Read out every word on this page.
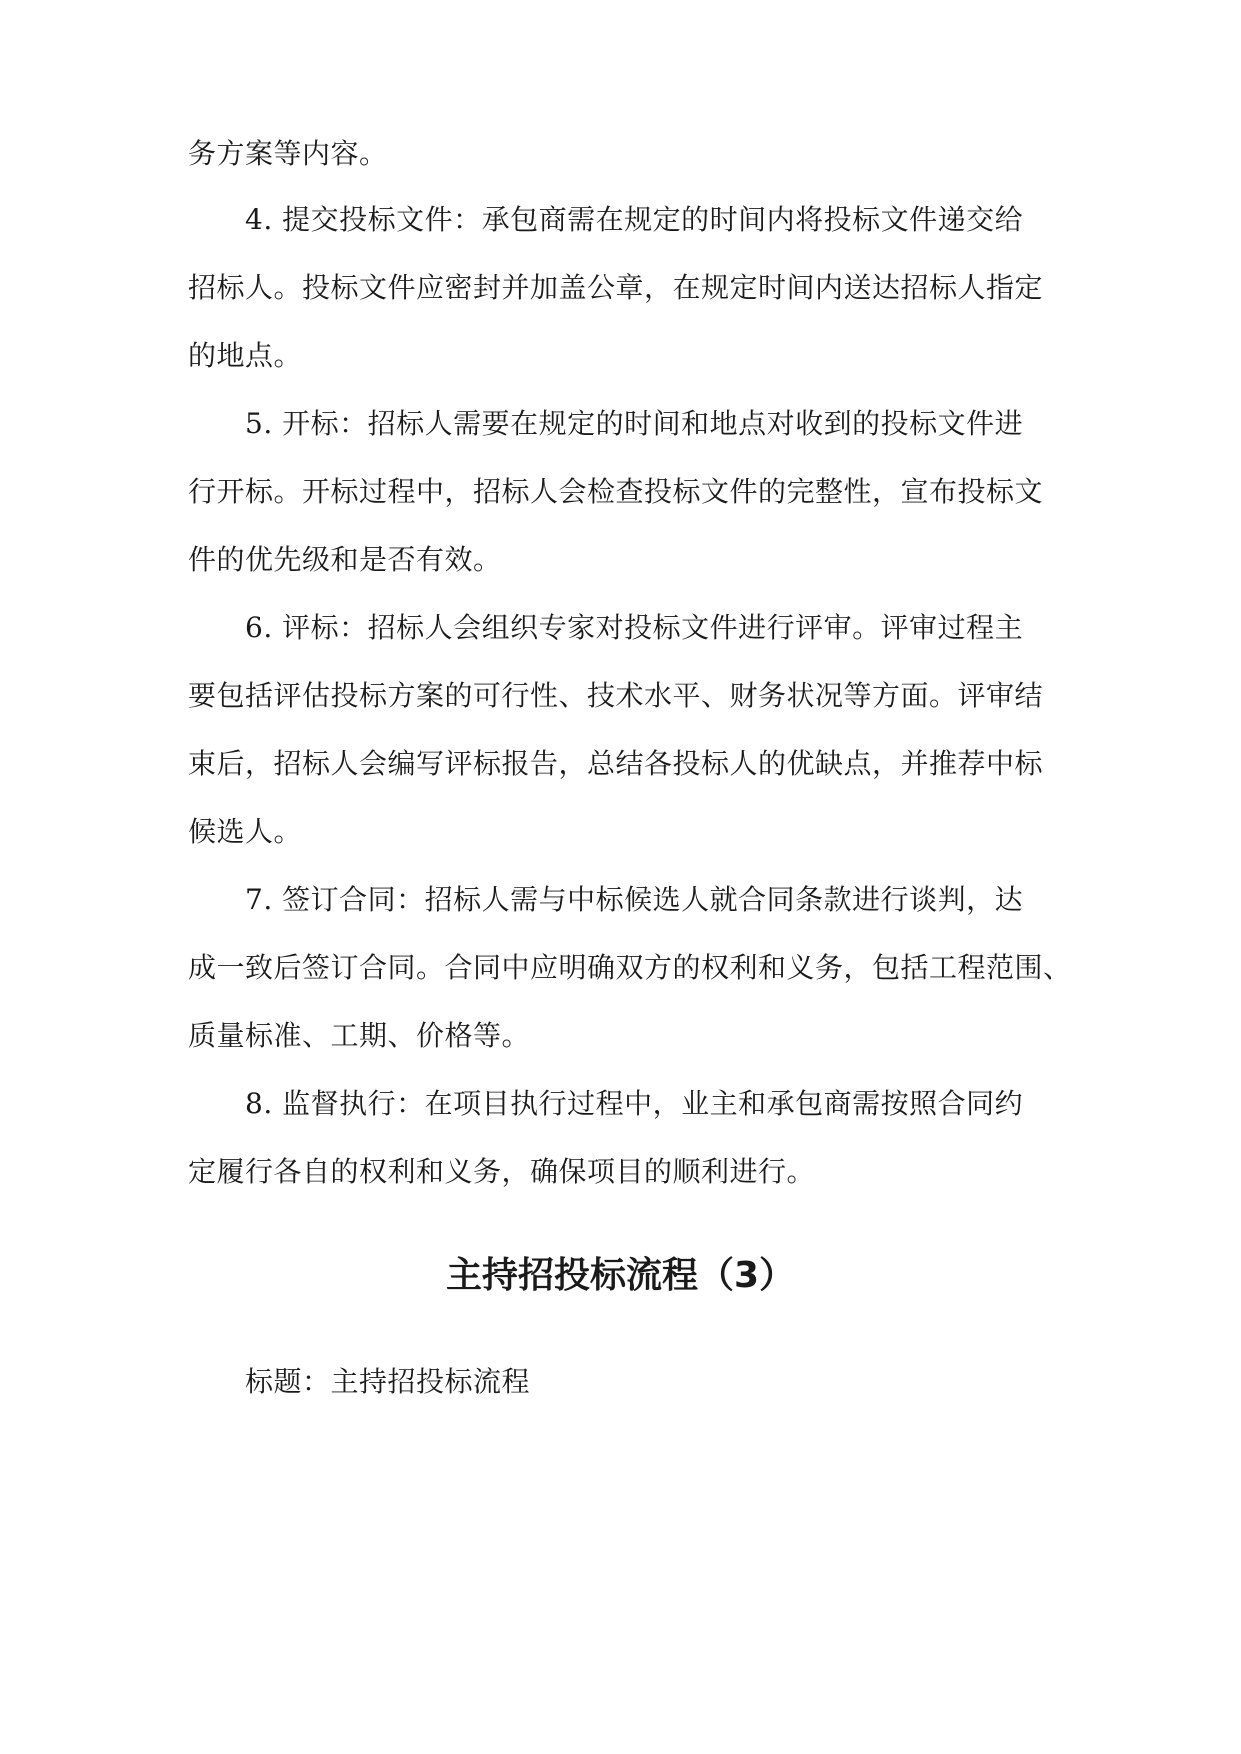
务方案等内容。
4. 提交投标文件：承包商需在规定的时间内将投标文件递交给
招标人。投标文件应密封并加盖公章，在规定时间内送达招标人指定
的地点。
5. 开标：招标人需要在规定的时间和地点对收到的投标文件进
行开标。开标过程中，招标人会检查投标文件的完整性，宣布投标文
件的优先级和是否有效。
6. 评标：招标人会组织专家对投标文件进行评审。评审过程主
要包括评估投标方案的可行性、技术水平、财务状况等方面。评审结
束后，招标人会编写评标报告，总结各投标人的优缺点，并推荐中标
候选人。
7. 签订合同：招标人需与中标候选人就合同条款进行谈判，达
成一致后签订合同。合同中应明确双方的权利和义务，包括工程范围、
质量标准、工期、价格等。
8. 监督执行：在项目执行过程中，业主和承包商需按照合同约
定履行各自的权利和义务，确保项目的顺利进行。
主持招投标流程（3）
标题：主持招投标流程
